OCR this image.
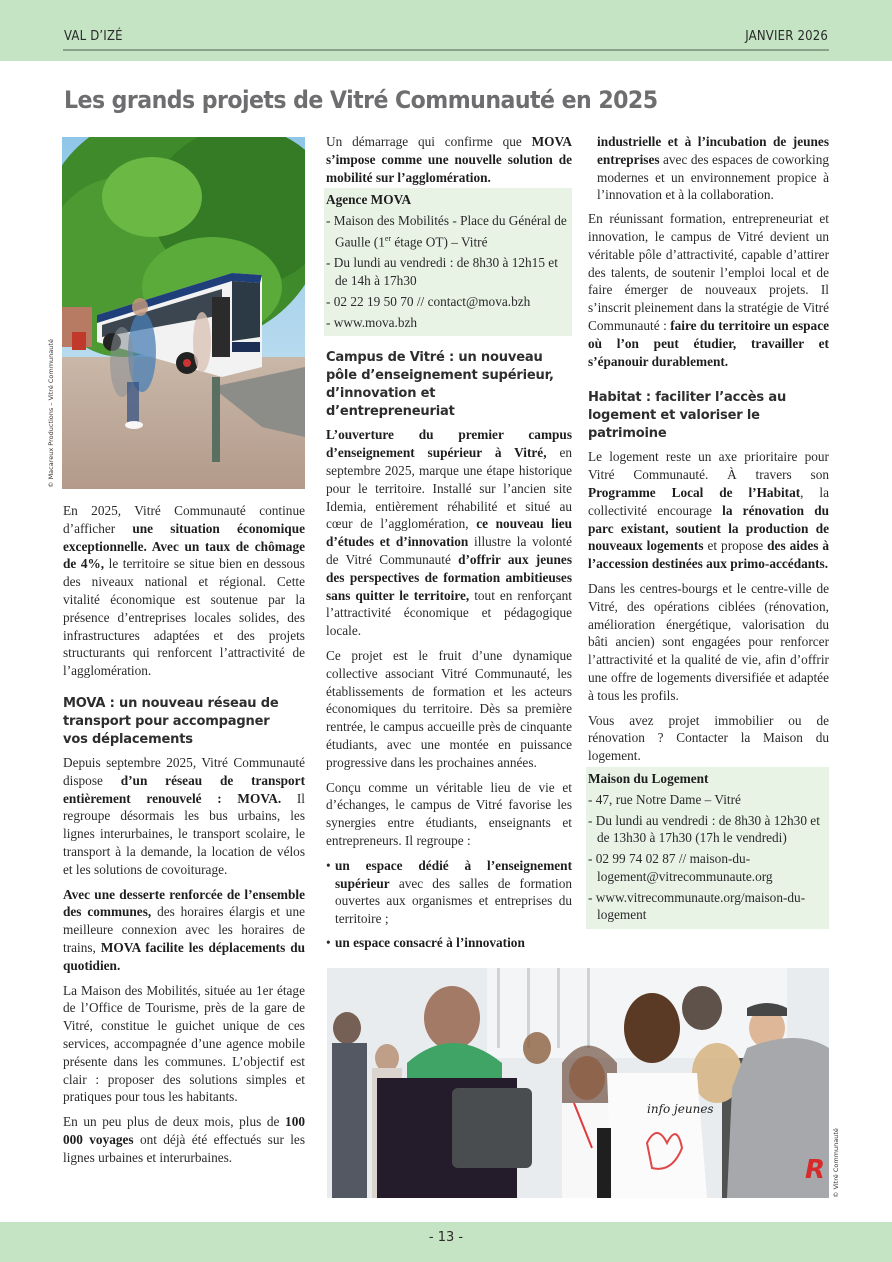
VAL D’IZÉ	JANVIER 2026
Les grands projets de Vitré Communauté en 2025
© Macareux Productions – Vitré Communauté

En 2025, Vitré Communauté continue d’afficher une situation économique exceptionnelle. Avec un taux de chômage de 4%, le territoire se situe bien en dessous des niveaux national et régional. Cette vitalité économique est soutenue par la présence d’entreprises locales solides, des infrastructures adaptées et des projets structurants qui renforcent l’attractivité de l’agglomération.

MOVA : un nouveau réseau de transport pour accompagner vos déplacements

Depuis septembre 2025, Vitré Communauté dispose d’un réseau de transport entièrement renouvelé : MOVA. Il regroupe désormais les bus urbains, les lignes interurbaines, le transport scolaire, le transport à la demande, la location de vélos et les solutions de covoiturage.

Avec une desserte renforcée de l’ensemble des communes, des horaires élargis et une meilleure connexion avec les horaires de trains, MOVA facilite les déplacements du quotidien.

La Maison des Mobilités, située au 1er étage de l’Office de Tourisme, près de la gare de Vitré, constitue le guichet unique de ces services, accompagnée d’une agence mobile présente dans les communes. L’objectif est clair : proposer des solutions simples et pratiques pour tous les habitants.

En un peu plus de deux mois, plus de 100 000 voyages ont déjà été effectués sur les lignes urbaines et interurbaines.

Un démarrage qui confirme que MOVA s’impose comme une nouvelle solution de mobilité sur l’agglomération.

Agence MOVA
- Maison des Mobilités - Place du Général de Gaulle (1er étage OT) – Vitré
- Du lundi au vendredi : de 8h30 à 12h15 et de 14h à 17h30
- 02 22 19 50 70 // contact@mova.bzh
- www.mova.bzh
Campus de Vitré : un nouveau pôle d’enseignement supérieur, d’innovation et d’entrepreneuriat

L’ouverture du premier campus d’enseignement supérieur à Vitré, en septembre 2025, marque une étape historique pour le territoire. Installé sur l’ancien site Idemia, entièrement réhabilité et situé au cœur de l’agglomération, ce nouveau lieu d’études et d’innovation illustre la volonté de Vitré Communauté d’offrir aux jeunes des perspectives de formation ambitieuses sans quitter le territoire, tout en renforçant l’attractivité économique et pédagogique locale.

Ce projet est le fruit d’une dynamique collective associant Vitré Communauté, les établissements de formation et les acteurs économiques du territoire. Dès sa première rentrée, le campus accueille près de cinquante étudiants, avec une montée en puissance progressive dans les prochaines années.

Conçu comme un véritable lieu de vie et d’échanges, le campus de Vitré favorise les synergies entre étudiants, enseignants et entrepreneurs. Il regroupe :

• un espace dédié à l’enseignement supérieur avec des salles de formation ouvertes aux organismes et entreprises du territoire ;
• un espace consacré à l’innovation
industrielle et à l’incubation de jeunes entreprises avec des espaces de coworking modernes et un environnement propice à l’innovation et à la collaboration.

En réunissant formation, entrepreneuriat et innovation, le campus de Vitré devient un véritable pôle d’attractivité, capable d’attirer des talents, de soutenir l’emploi local et de faire émerger de nouveaux projets. Il s’inscrit pleinement dans la stratégie de Vitré Communauté : faire du territoire un espace où l’on peut étudier, travailler et s’épanouir durablement.

Habitat : faciliter l’accès au logement et valoriser le patrimoine

Le logement reste un axe prioritaire pour Vitré Communauté. À travers son Programme Local de l’Habitat, la collectivité encourage la rénovation du parc existant, soutient la production de nouveaux logements et propose des aides à l’accession destinées aux primo-accédants.

Dans les centres-bourgs et le centre-ville de Vitré, des opérations ciblées (rénovation, amélioration énergétique, valorisation du bâti ancien) sont engagées pour renforcer l’attractivité et la qualité de vie, afin d’offrir une offre de logements diversifiée et adaptée à tous les profils.

Vous avez projet immobilier ou de rénovation ? Contacter la Maison du logement.

Maison du Logement
- 47, rue Notre Dame – Vitré
- Du lundi au vendredi : de 8h30 à 12h30 et de 13h30 à 17h30 (17h le vendredi)
- 02 99 74 02 87 // maison-du-logement@vitrecommunaute.org
- www.vitrecommunaute.org/maison-du-logement
info jeunes
R © Vitré Communauté
- 13 -
